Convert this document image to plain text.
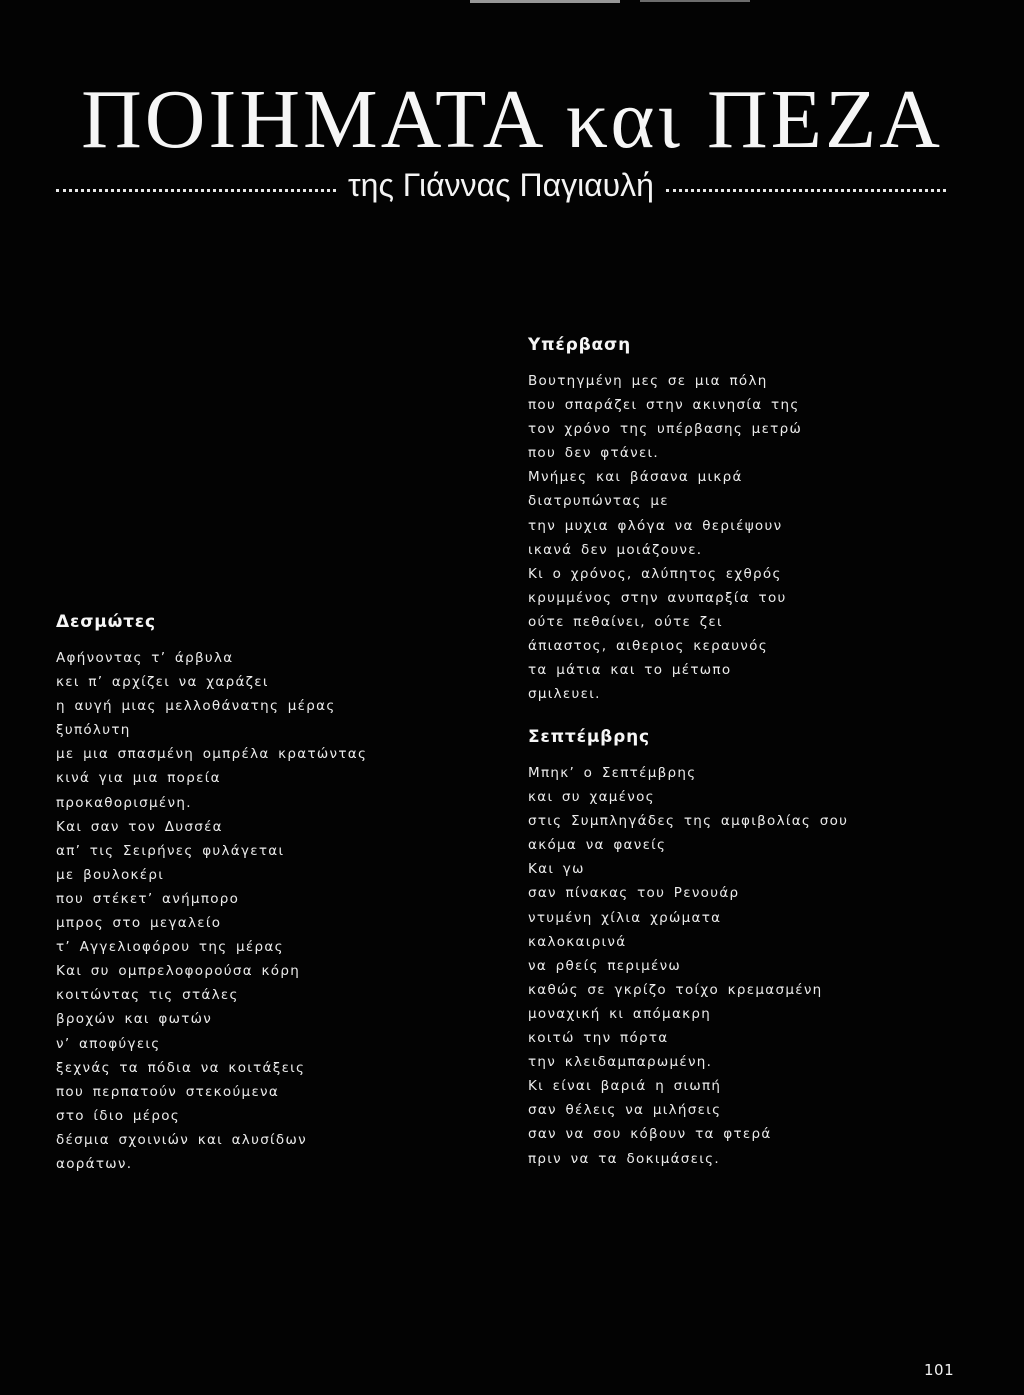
ΠΟΙΗΜΑΤΑ και ΠΕΖΑ
της Γιάννας Παγιαυλή
Δεσμώτες
Αφήνοντας τ’ άρβυλα
κει π’ αρχίζει να χαράζει
η αυγή μιας μελλοθάνατης μέρας
ξυπόλυτη
με μια σπασμένη ομπρέλα κρατώντας
κινά για μια πορεία
προκαθορισμένη.
Και σαν τον Δυσσέα
απ’ τις Σειρήνες φυλάγεται
με βουλοκέρι
που στέκετ’ ανήμπορο
μπρος στο μεγαλείο
τ’ Αγγελιοφόρου της μέρας
Και συ ομπρελοφορούσα κόρη
κοιτώντας τις στάλες
βροχών και φωτών
ν’ αποφύγεις
ξεχνάς τα πόδια να κοιτάξεις
που περπατούν στεκούμενα
στο ίδιο μέρος
δέσμια σχοινιών και αλυσίδων
αοράτων.
Υπέρβαση
Βουτηγμένη μες σε μια πόλη
που σπαράζει στην ακινησία της
τον χρόνο της υπέρβασης μετρώ
που δεν φτάνει.
Μνήμες και βάσανα μικρά
διατρυπώντας με
την μυχια φλόγα να θεριέψουν
ικανά δεν μοιάζουνε.
Κι ο χρόνος, αλύπητος εχθρός
κρυμμένος στην ανυπαρξία του
ούτε πεθαίνει, ούτε ζει
άπιαστος, αιθεριος κεραυνός
τα μάτια και το μέτωπο
σμιλευει.
Σεπτέμβρης
Μπηκ’ ο Σεπτέμβρης
και συ χαμένος
στις Συμπληγάδες της αμφιβολίας σου
ακόμα να φανείς
Και γω
σαν πίνακας του Ρενουάρ
ντυμένη χίλια χρώματα
καλοκαιρινά
να ρθείς περιμένω
καθώς σε γκρίζο τοίχο κρεμασμένη
μοναχική κι απόμακρη
κοιτώ την πόρτα
την κλειδαμπαρωμένη.
Κι είναι βαριά η σιωπή
σαν θέλεις να μιλήσεις
σαν να σου κόβουν τα φτερά
πριν να τα δοκιμάσεις.
101
